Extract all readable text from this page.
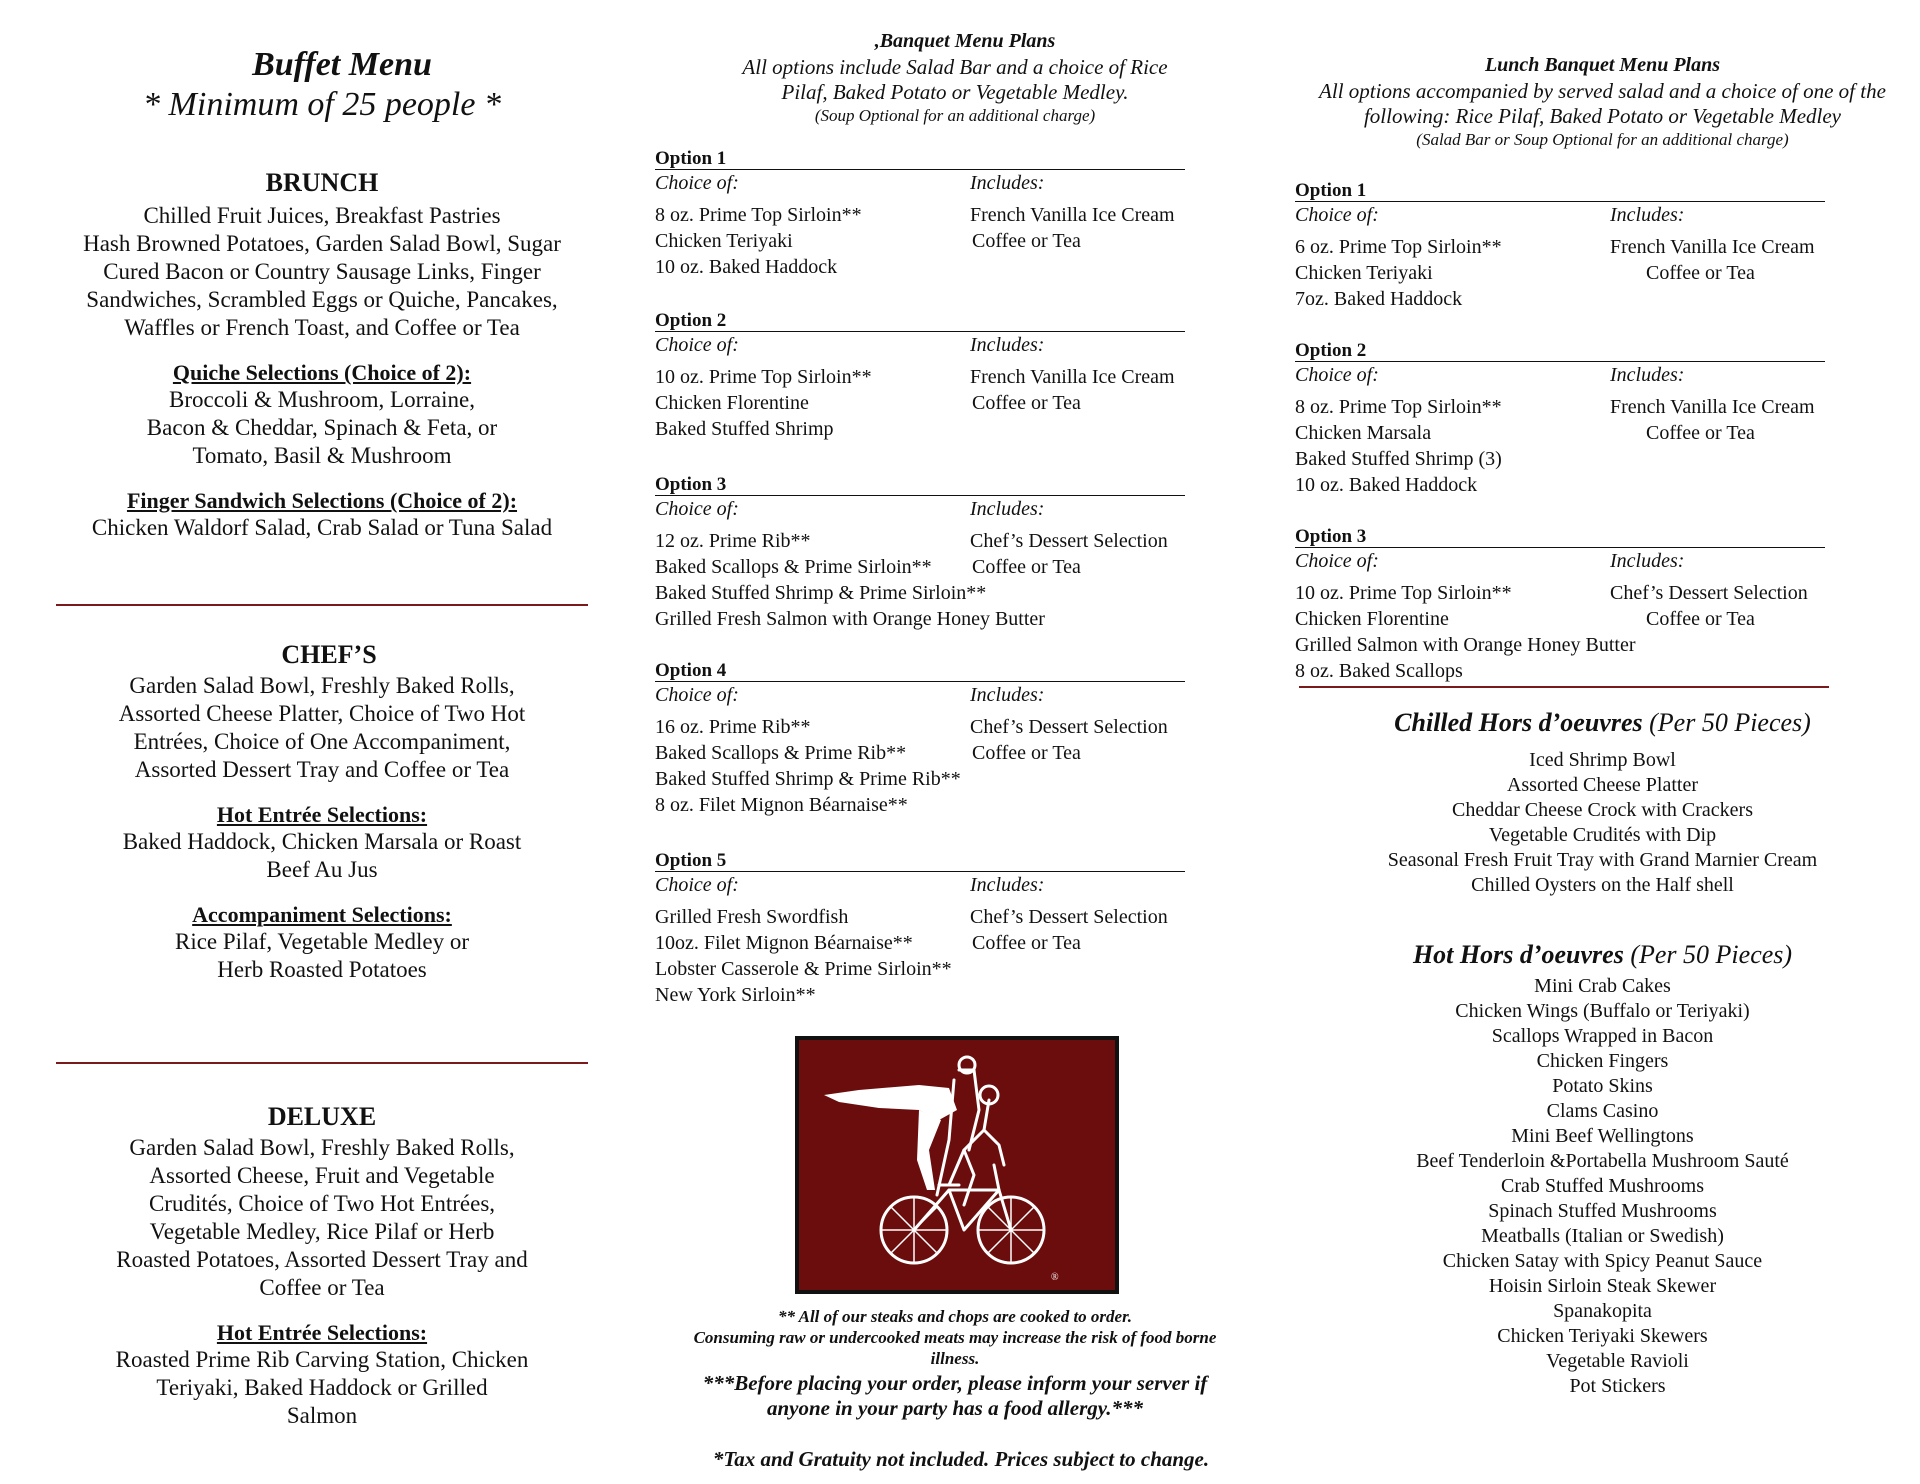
Buffet Menu
* Minimum of 25 people *
BRUNCH
Chilled Fruit Juices, Breakfast Pastries
Hash Browned Potatoes, Garden Salad Bowl, Sugar
Cured Bacon or Country Sausage Links, Finger
Sandwiches, Scrambled Eggs or Quiche, Pancakes,
Waffles or French Toast, and Coffee or Tea
Quiche Selections (Choice of 2):
Broccoli & Mushroom, Lorraine,
Bacon & Cheddar, Spinach & Feta, or
Tomato, Basil & Mushroom
Finger Sandwich Selections (Choice of 2):
Chicken Waldorf Salad, Crab Salad or Tuna Salad
CHEF’S
Garden Salad Bowl, Freshly Baked Rolls,
Assorted Cheese Platter, Choice of Two Hot
Entrées, Choice of One Accompaniment,
Assorted Dessert Tray and Coffee or Tea
Hot Entrée Selections:
Baked Haddock, Chicken Marsala or Roast
Beef Au Jus
Accompaniment Selections:
Rice Pilaf, Vegetable Medley or
Herb Roasted Potatoes
DELUXE
Garden Salad Bowl, Freshly Baked Rolls,
Assorted Cheese, Fruit and Vegetable
Crudités, Choice of Two Hot Entrées,
Vegetable Medley, Rice Pilaf or Herb
Roasted Potatoes, Assorted Dessert Tray and
Coffee or Tea
Hot Entrée Selections:
Roasted Prime Rib Carving Station, Chicken
Teriyaki, Baked Haddock or Grilled
Salmon
,Banquet Menu Plans
All options include Salad Bar and a choice of Rice
Pilaf, Baked Potato or Vegetable Medley.
(Soup Optional for an additional charge)
Option 1
Choice of:	Includes:
8 oz. Prime Top Sirloin**	French Vanilla Ice Cream
Chicken Teriyaki	Coffee or Tea
10 oz. Baked Haddock
Option 2
Choice of:	Includes:
10 oz. Prime Top Sirloin**	French Vanilla Ice Cream
Chicken Florentine	Coffee or Tea
Baked Stuffed Shrimp
Option 3
Choice of:	Includes:
12 oz. Prime Rib**	Chef’s Dessert Selection
Baked Scallops & Prime Sirloin** Coffee or Tea
Baked Stuffed Shrimp & Prime Sirloin**
Grilled Fresh Salmon with Orange Honey Butter
Option 4
Choice of:	Includes:
16 oz. Prime Rib**	Chef’s Dessert Selection
Baked Scallops & Prime Rib**	Coffee or Tea
Baked Stuffed Shrimp & Prime Rib**
8 oz. Filet Mignon Béarnaise**
Option 5
Choice of:	Includes:
Grilled Fresh Swordfish	Chef’s Dessert Selection
10oz. Filet Mignon Béarnaise**	Coffee or Tea
Lobster Casserole & Prime Sirloin**
New York Sirloin**
®
** All of our steaks and chops are cooked to order.
Consuming raw or undercooked meats may increase the risk of food borne
illness.
***Before placing your order, please inform your server if
anyone in your party has a food allergy.***
*Tax and Gratuity not included. Prices subject to change.
Lunch Banquet Menu Plans
All options accompanied by served salad and a choice of one of the
following: Rice Pilaf, Baked Potato or Vegetable Medley
(Salad Bar or Soup Optional for an additional charge)
Option 1
Choice of:	Includes:
6 oz. Prime Top Sirloin**	French Vanilla Ice Cream
Chicken Teriyaki	Coffee or Tea
7oz. Baked Haddock
Option 2
Choice of:	Includes:
8 oz. Prime Top Sirloin**	French Vanilla Ice Cream
Chicken Marsala	Coffee or Tea
Baked Stuffed Shrimp (3)
10 oz. Baked Haddock
Option 3
Choice of:	Includes:
10 oz. Prime Top Sirloin**	Chef’s Dessert Selection
Chicken Florentine	Coffee or Tea
Grilled Salmon with Orange Honey Butter
8 oz. Baked Scallops
Chilled Hors d’oeuvres (Per 50 Pieces)
Iced Shrimp Bowl
Assorted Cheese Platter
Cheddar Cheese Crock with Crackers
Vegetable Crudités with Dip
Seasonal Fresh Fruit Tray with Grand Marnier Cream
Chilled Oysters on the Half shell
Hot Hors d’oeuvres (Per 50 Pieces)
Mini Crab Cakes
Chicken Wings (Buffalo or Teriyaki)
Scallops Wrapped in Bacon
Chicken Fingers
Potato Skins
Clams Casino
Mini Beef Wellingtons
Beef Tenderloin &Portabella Mushroom Sauté
Crab Stuffed Mushrooms
Spinach Stuffed Mushrooms
Meatballs (Italian or Swedish)
Chicken Satay with Spicy Peanut Sauce
Hoisin Sirloin Steak Skewer
Spanakopita
Chicken Teriyaki Skewers
Vegetable Ravioli
Pot Stickers
